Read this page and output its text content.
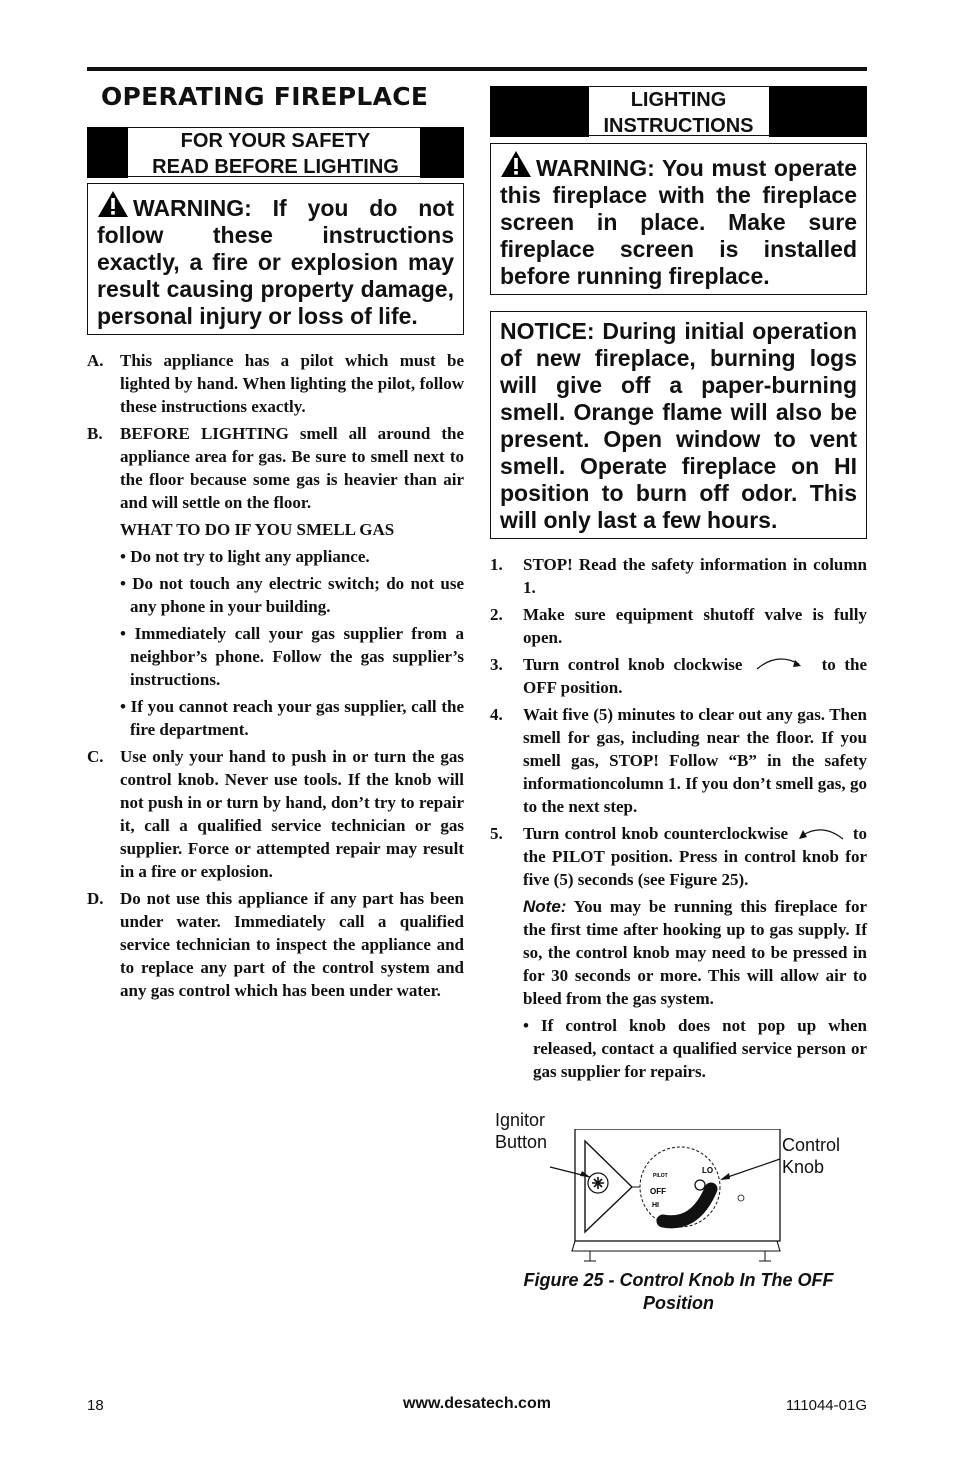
OPERATING FIREPLACE
FOR YOUR SAFETY
READ BEFORE LIGHTING
WARNING: If you do not follow these instructions exactly, a fire or explosion may result causing property damage, personal injury or loss of life.
A. This appliance has a pilot which must be lighted by hand. When lighting the pilot, follow these instructions exactly.
B.	BEFORE LIGHTING smell all around the appliance area for gas. Be sure to smell next to the floor because some gas is heavier than air and will settle on the floor.
WHAT TO DO IF YOU SMELL GAS
• Do not try to light any appliance.
• Do not touch any electric switch; do not use any phone in your building.
• Immediately call your gas supplier from a neighbor’s phone. Follow the gas supplier’s instructions.
• If you cannot reach your gas supplier, call the fire department.
C. Use only your hand to push in or turn the gas control knob. Never use tools. If the knob will not push in or turn by hand, don’t try to repair it, call a qualified service technician or gas supplier. Force or attempted repair may result in a fire or explosion.
D. Do not use this appliance if any part has been under water. Immediately call a qualified service technician to inspect the appliance and to replace any part of the control system and any gas control which has been under water.
LIGHTING
INSTRUCTIONS
WARNING: You must operate this fireplace with the fireplace screen in place. Make sure fireplace screen is installed before running fireplace.
NOTICE: During initial operation of new fireplace, burning logs will give off a paper-burning smell. Orange flame will also be present. Open window to vent smell. Operate fireplace on HI position to burn off odor. This will only last a few hours.
1.	STOP! Read the safety information in column 1.
2.	Make sure equipment shutoff valve is fully open.
3.	Turn control knob clockwise	to the OFF position.
4.	Wait five (5) minutes to clear out any gas. Then smell for gas, including near the floor. If you smell gas, STOP! Follow “B” in the safety informationcolumn 1. If you don’t smell gas, go to the next step.
5.	Turn control knob counterclockwise	to the PILOT position. Press in control knob for five (5) seconds (see Figure 25).
Note: You may be running this fireplace for the first time after hooking up to gas supply. If so, the control knob may need to be pressed in for 30 seconds or more. This will allow air to bleed from the gas system.
• If control knob does not pop up when released, contact a qualified service person or gas supplier for repairs.
Ignitor
Button	Control
Knob
OFF
PILOT
HI
LO
Figure 25 - Control Knob In The OFF
Position
18	www.desatech.com	111044-01G
